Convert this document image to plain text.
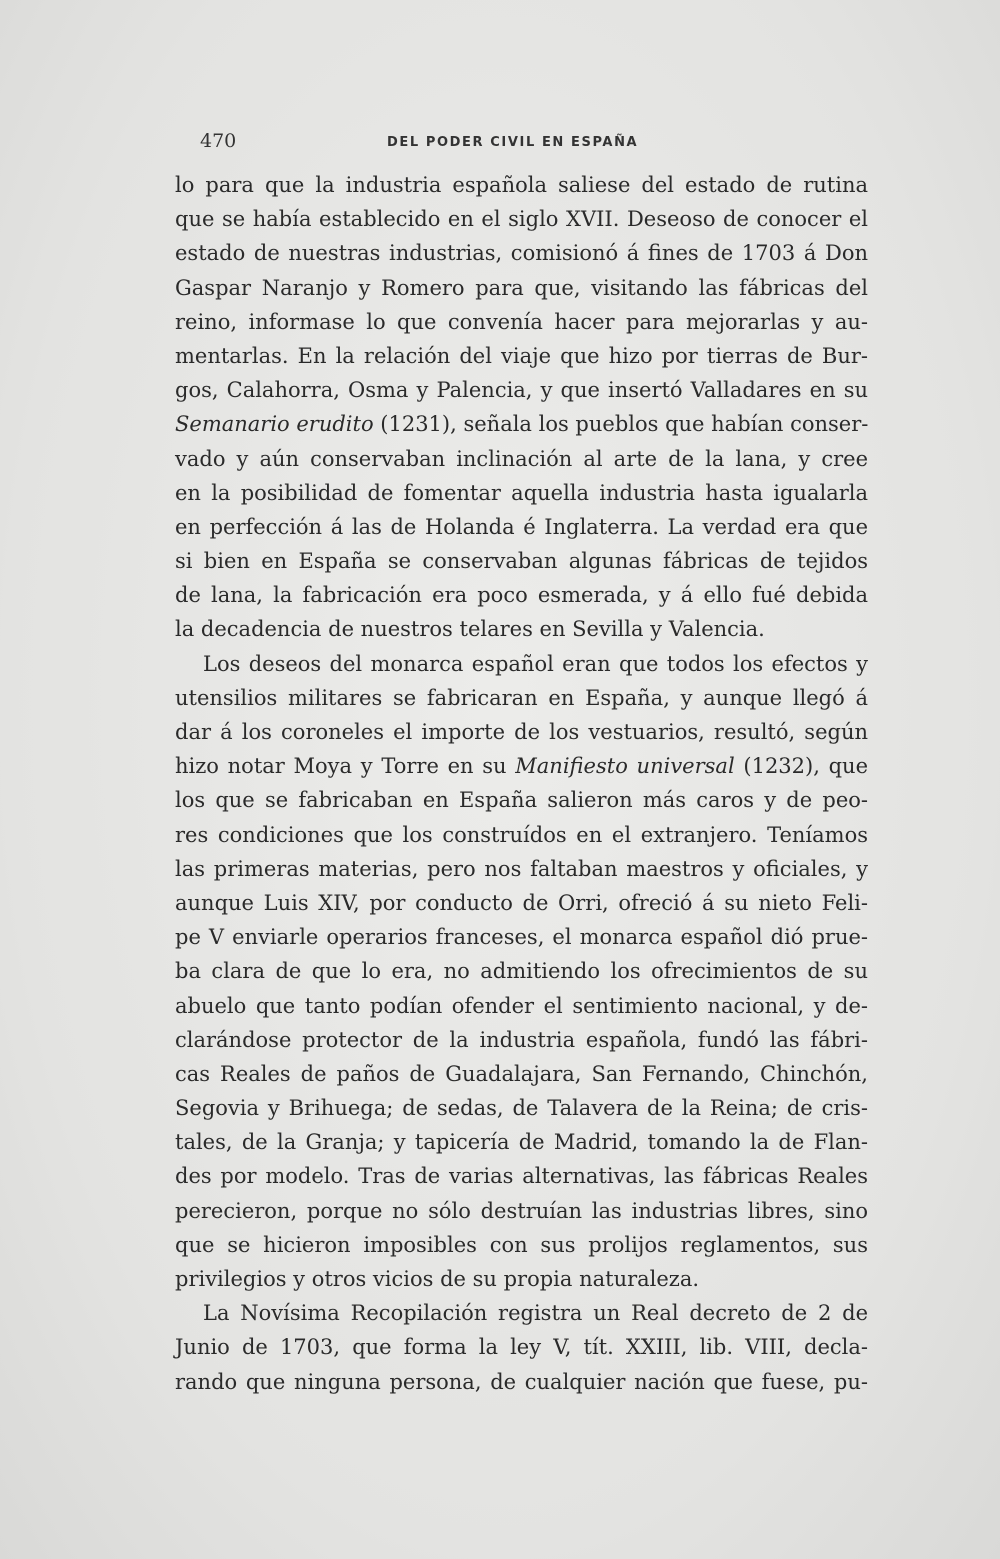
470	DEL PODER CIVIL EN ESPAÑA
lo para que la industria española saliese del estado de rutina
que se había establecido en el siglo XVII. Deseoso de conocer el
estado de nuestras industrias, comisionó á fines de 1703 á Don
Gaspar Naranjo y Romero para que, visitando las fábricas del
reino, informase lo que convenía hacer para mejorarlas y au-
mentarlas. En la relación del viaje que hizo por tierras de Bur-
gos, Calahorra, Osma y Palencia, y que insertó Valladares en su
Semanario erudito (1231), señala los pueblos que habían conser-
vado y aún conservaban inclinación al arte de la lana, y cree
en la posibilidad de fomentar aquella industria hasta igualarla
en perfección á las de Holanda é Inglaterra. La verdad era que
si bien en España se conservaban algunas fábricas de tejidos
de lana, la fabricación era poco esmerada, y á ello fué debida
la decadencia de nuestros telares en Sevilla y Valencia.
Los deseos del monarca español eran que todos los efectos y
utensilios militares se fabricaran en España, y aunque llegó á
dar á los coroneles el importe de los vestuarios, resultó, según
hizo notar Moya y Torre en su Manifiesto universal (1232), que
los que se fabricaban en España salieron más caros y de peo-
res condiciones que los construídos en el extranjero. Teníamos
las primeras materias, pero nos faltaban maestros y oficiales, y
aunque Luis XIV, por conducto de Orri, ofreció á su nieto Feli-
pe V enviarle operarios franceses, el monarca español dió prue-
ba clara de que lo era, no admitiendo los ofrecimientos de su
abuelo que tanto podían ofender el sentimiento nacional, y de-
clarándose protector de la industria española, fundó las fábri-
cas Reales de paños de Guadalajara, San Fernando, Chinchón,
Segovia y Brihuega; de sedas, de Talavera de la Reina; de cris-
tales, de la Granja; y tapicería de Madrid, tomando la de Flan-
des por modelo. Tras de varias alternativas, las fábricas Reales
perecieron, porque no sólo destruían las industrias libres, sino
que se hicieron imposibles con sus prolijos reglamentos, sus
privilegios y otros vicios de su propia naturaleza.
La Novísima Recopilación registra un Real decreto de 2 de
Junio de 1703, que forma la ley V, tít. XXIII, lib. VIII, decla-
rando que ninguna persona, de cualquier nación que fuese, pu-
